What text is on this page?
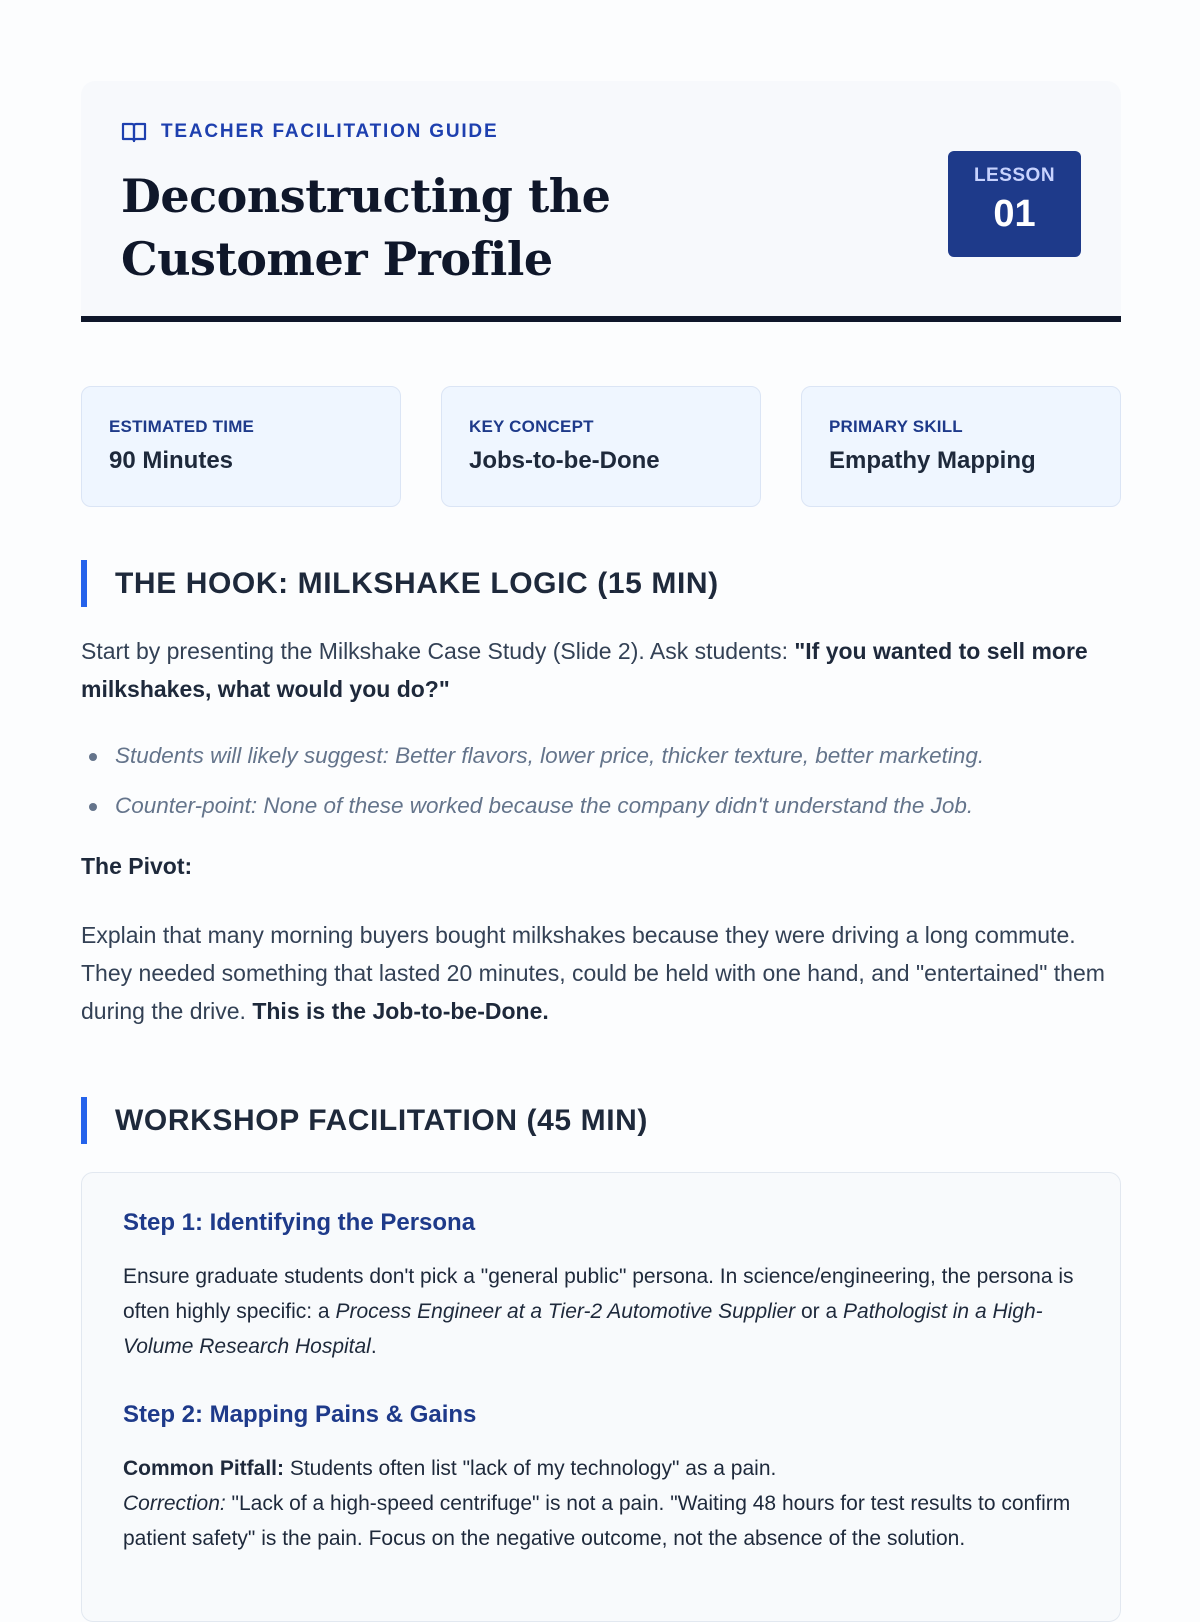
TEACHER FACILITATION GUIDE
Deconstructing the Customer Profile
LESSON
01
ESTIMATED TIME
90 Minutes
KEY CONCEPT
Jobs-to-be-Done
PRIMARY SKILL
Empathy Mapping
THE HOOK: MILKSHAKE LOGIC (15 MIN)

Start by presenting the Milkshake Case Study (Slide 2). Ask students: "If you wanted to sell more milkshakes, what would you do?"

Students will likely suggest: Better flavors, lower price, thicker texture, better marketing.
Counter-point: None of these worked because the company didn't understand the Job.

The Pivot:

Explain that many morning buyers bought milkshakes because they were driving a long commute. They needed something that lasted 20 minutes, could be held with one hand, and "entertained" them during the drive. This is the Job-to-be-Done.

WORKSHOP FACILITATION (45 MIN)
Step 1: Identifying the Persona

Ensure graduate students don't pick a "general public" persona. In science/engineering, the persona is often highly specific: a Process Engineer at a Tier-2 Automotive Supplier or a Pathologist in a High-Volume Research Hospital.

Step 2: Mapping Pains & Gains

Common Pitfall: Students often list "lack of my technology" as a pain.
Correction: "Lack of a high-speed centrifuge" is not a pain. "Waiting 48 hours for test results to confirm patient safety" is the pain. Focus on the negative outcome, not the absence of the solution.
